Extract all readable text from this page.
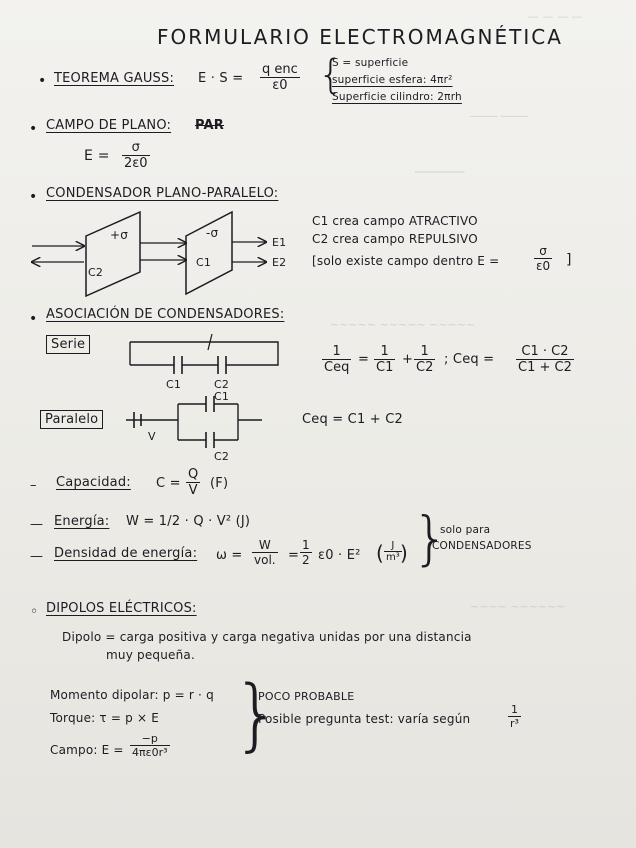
— — — —
_____ _____
⎯⎯⎯⎯⎯⎯⎯⎯⎯
~~~~~ ~~~~~ ~~~~~
~~~~ ~~~~~~
FORMULARIO ELECTROMAGNÉTICA
• TEOREMA GAUSS: E · S =
q enc
ε0 {
S = superficie
superficie esfera: 4πr²
Superficie cilindro: 2πrh
• CAMPO DE PLANO: PAR
$E = \frac{\sigma}{2\varepsilon 0}$
• CONDENSADOR PLANO-PARALELO:
+σ	-σ
C2
C1
E1
E2
C1 crea campo ATRACTIVO
C2 crea campo REPULSIVO
[solo existe campo dentro E =	$\frac{\sigma}{\varepsilon 0}$ ]
• ASOCIACIÓN DE CONDENSADORES:
Serie
C1	C2
1
Ceq
= $\frac{1}{C1} + \frac{1}{C2}$ ; Ceq = $\frac{C1 \cdot C2}{C1 + C2}$
Paralelo
V
C1
C2
Ceq = C1 + C2
– Capacidad: $C = \frac{Q}{V} (F)$
— Energía: W = 1/2 · Q · V² (J)
— Densidad de energía: ω =
W
vol. = $\frac{1}{2} \varepsilon 0 \cdot E^2$ ( $\frac{J}{\text{m³}}$
) }
solo para
CONDENSADORES
◦ DIPOLOS ELÉCTRICOS:
Dipolo = carga positiva y carga negativa unidas por una distancia
muy pequeña.
Momento dipolar: p = r · q
Torque: τ = p × E
Campo: $E = \frac{-p}{\text{4πε0r³}}$ }
POCO PROBABLE
Posible pregunta test: varía según	$\frac{1}{\text{r³}}$
